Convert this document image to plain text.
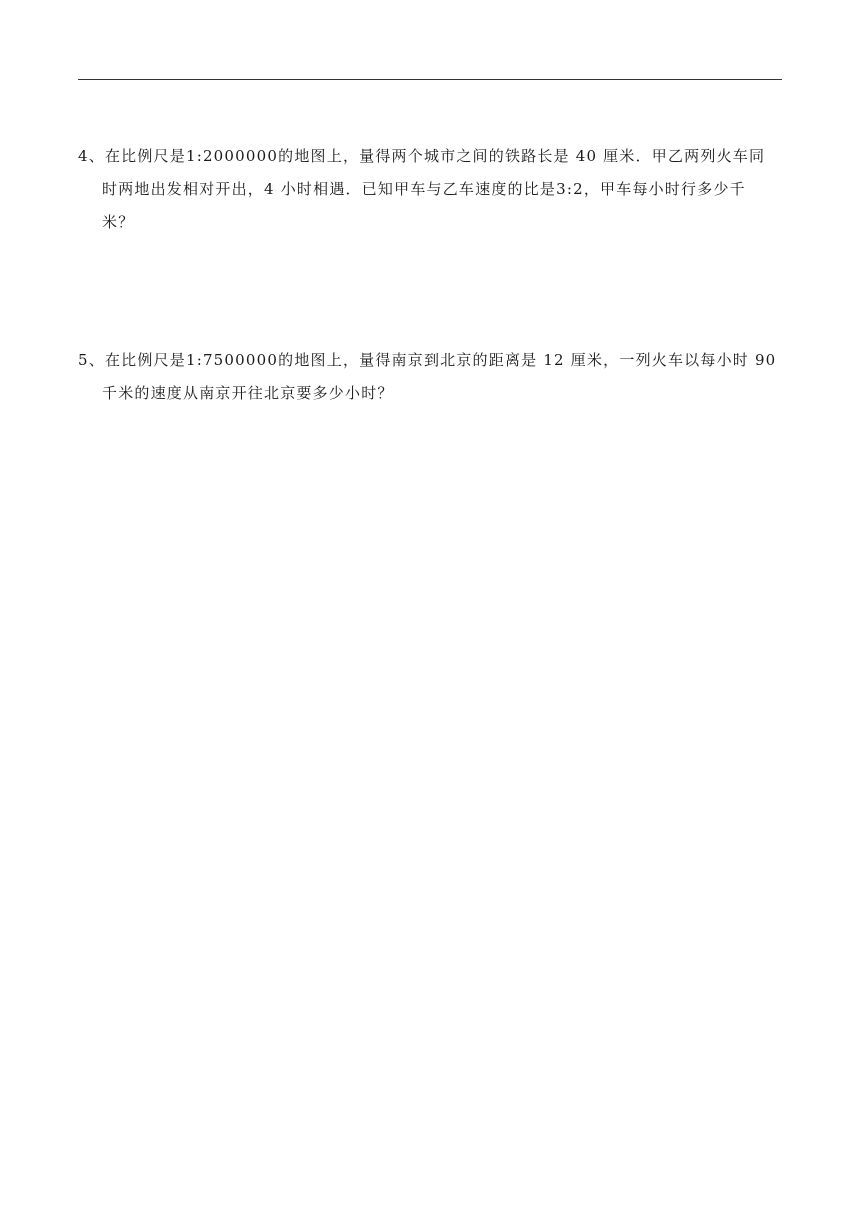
4、在比例尺是1:2000000的地图上，量得两个城市之间的铁路长是 40 厘米．甲乙两列火车同
时两地出发相对开出，4 小时相遇．已知甲车与乙车速度的比是3:2，甲车每小时行多少千
米？
5、在比例尺是1:7500000的地图上，量得南京到北京的距离是 12 厘米，一列火车以每小时 90
千米的速度从南京开往北京要多少小时？
